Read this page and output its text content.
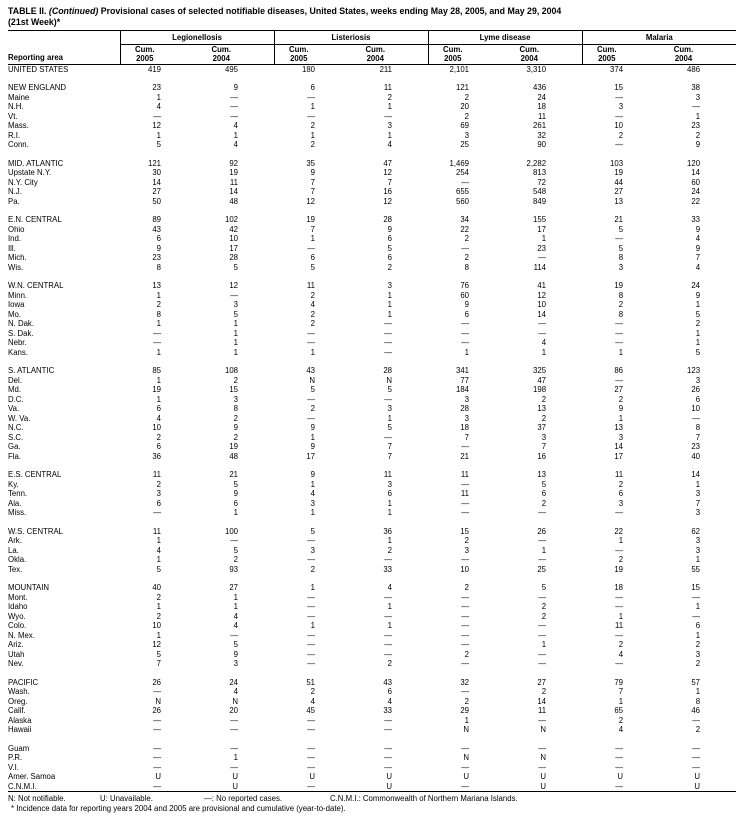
TABLE II. (Continued) Provisional cases of selected notifiable diseases, United States, weeks ending May 28, 2005, and May 29, 2004
(21st Week)*
Reporting area	Legionellosis		Listeriosis		Lyme disease		Malaria	
	Cum.	Cum.	Cum.	Cum.	Cum.	Cum.	Cum.	Cum.
	2005	2004	2005	2004	2005	2004	2005	2004
UNITED STATES	419	495	180	211	2,101	3,310	374	486

NEW ENGLAND	23	9	6	11	121	436	15	38
Maine	1	—	—	2	2	24	—	3
N.H.	4	—	1	1	20	18	3	—
Vt.	—	—	—	—	2	11	—	1
Mass.	12	4	2	3	69	261	10	23
R.I.	1	1	1	1	3	32	2	2
Conn.	5	4	2	4	25	90	—	9

MID. ATLANTIC	121	92	35	47	1,469	2,282	103	120
Upstate N.Y.	30	19	9	12	254	813	19	14
N.Y. City	14	11	7	7	—	72	44	60
N.J.	27	14	7	16	655	548	27	24
Pa.	50	48	12	12	560	849	13	22

E.N. CENTRAL	89	102	19	28	34	155	21	33
Ohio	43	42	7	9	22	17	5	9
Ind.	6	10	1	6	2	1	—	4
Ill.	9	17	—	5	—	23	5	9
Mich.	23	28	6	6	2	—	8	7
Wis.	8	5	5	2	8	114	3	4

W.N. CENTRAL	13	12	11	3	76	41	19	24
Minn.	1	—	2	1	60	12	8	9
Iowa	2	3	4	1	9	10	2	1
Mo.	8	5	2	1	6	14	8	5
N. Dak.	1	1	2	—	—	—	—	2
S. Dak.	—	1	—	—	—	—	—	1
Nebr.	—	1	—	—	—	4	—	1
Kans.	1	1	1	—	1	1	1	5

S. ATLANTIC	85	108	43	28	341	325	86	123
Del.	1	2	N	N	77	47	—	3
Md.	19	15	5	5	184	198	27	26
D.C.	1	3	—	—	3	2	2	6
Va.	6	8	2	3	28	13	9	10
W. Va.	4	2	—	1	3	2	1	—
N.C.	10	9	9	5	18	37	13	8
S.C.	2	2	1	—	7	3	3	7
Ga.	6	19	9	7	—	7	14	23
Fla.	36	48	17	7	21	16	17	40

E.S. CENTRAL	11	21	9	11	11	13	11	14
Ky.	2	5	1	3	—	5	2	1
Tenn.	3	9	4	6	11	6	6	3
Ala.	6	6	3	1	—	2	3	7
Miss.	—	1	1	1	—	—	—	3

W.S. CENTRAL	11	100	5	36	15	26	22	62
Ark.	1	—	—	1	2	—	1	3
La.	4	5	3	2	3	1	—	3
Okla.	1	2	—	—	—	—	2	1
Tex.	5	93	2	33	10	25	19	55

MOUNTAIN	40	27	1	4	2	5	18	15
Mont.	2	1	—	—	—	—	—	—
Idaho	1	1	—	1	—	2	—	1
Wyo.	2	4	—	—	—	2	1	—
Colo.	10	4	1	1	—	—	11	6
N. Mex.	1	—	—	—	—	—	—	1
Ariz.	12	5	—	—	—	1	2	2
Utah	5	9	—	—	2	—	4	3
Nev.	7	3	—	2	—	—	—	2

PACIFIC	26	24	51	43	32	27	79	57
Wash.	—	4	2	6	—	2	7	1
Oreg.	N	N	4	4	2	14	1	8
Calif.	26	20	45	33	29	11	65	46
Alaska	—	—	—	—	1	—	2	—
Hawaii	—	—	—	—	N	N	4	2

Guam	—	—	—	—	—	—	—	—
P.R.	—	1	—	—	N	N	—	—
V.I.	—	—	—	—	—	—	—	—
Amer. Samoa	U	U	U	U	U	U	U	U
C.N.M.I.	—	U	—	U	—	U	—	U
N: Not notifiable.	U: Unavailable.	—: No reported cases.	C.N.M.I.: Commonwealth of Northern Mariana Islands.
* Incidence data for reporting years 2004 and 2005 are provisional and cumulative (year-to-date).
